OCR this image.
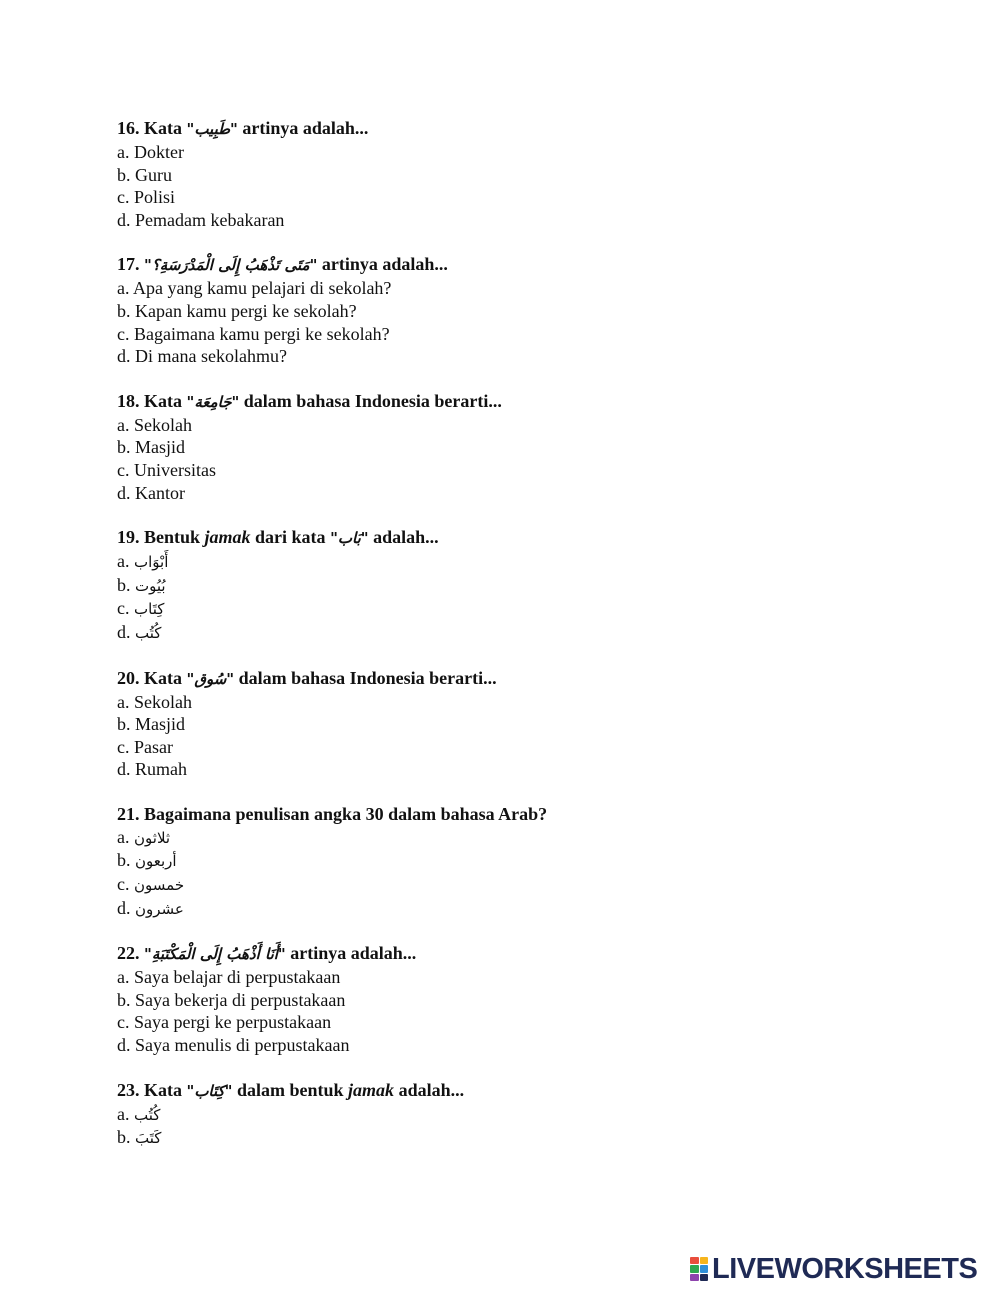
16. Kata "طَبِيب" artinya adalah...

a. Dokter

b. Guru

c. Polisi

d. Pemadam kebakaran

17. "مَتَى تَذْهَبُ إِلَى الْمَدْرَسَةِ؟" artinya adalah...

a. Apa yang kamu pelajari di sekolah?

b. Kapan kamu pergi ke sekolah?

c. Bagaimana kamu pergi ke sekolah?

d. Di mana sekolahmu?

18. Kata "جَامِعَة" dalam bahasa Indonesia berarti...

a. Sekolah

b. Masjid

c. Universitas

d. Kantor

19. Bentuk jamak dari kata "بَاب" adalah...

a. أَبْوَاب

b. بُيُوت

c. كِتَاب

d. كُتُب

20. Kata "سُوق" dalam bahasa Indonesia berarti...

a. Sekolah

b. Masjid

c. Pasar

d. Rumah

21. Bagaimana penulisan angka 30 dalam bahasa Arab?

a. ثلاثون

b. أربعون

c. خمسون

d. عشرون

22. "أَنَا أَذْهَبُ إِلَى الْمَكْتَبَةِ" artinya adalah...

a. Saya belajar di perpustakaan

b. Saya bekerja di perpustakaan

c. Saya pergi ke perpustakaan

d. Saya menulis di perpustakaan

23. Kata "كِتَاب" dalam bentuk jamak adalah...

a. كُتُب

b. كَتَبَ

LIVEWORKSHEETS
